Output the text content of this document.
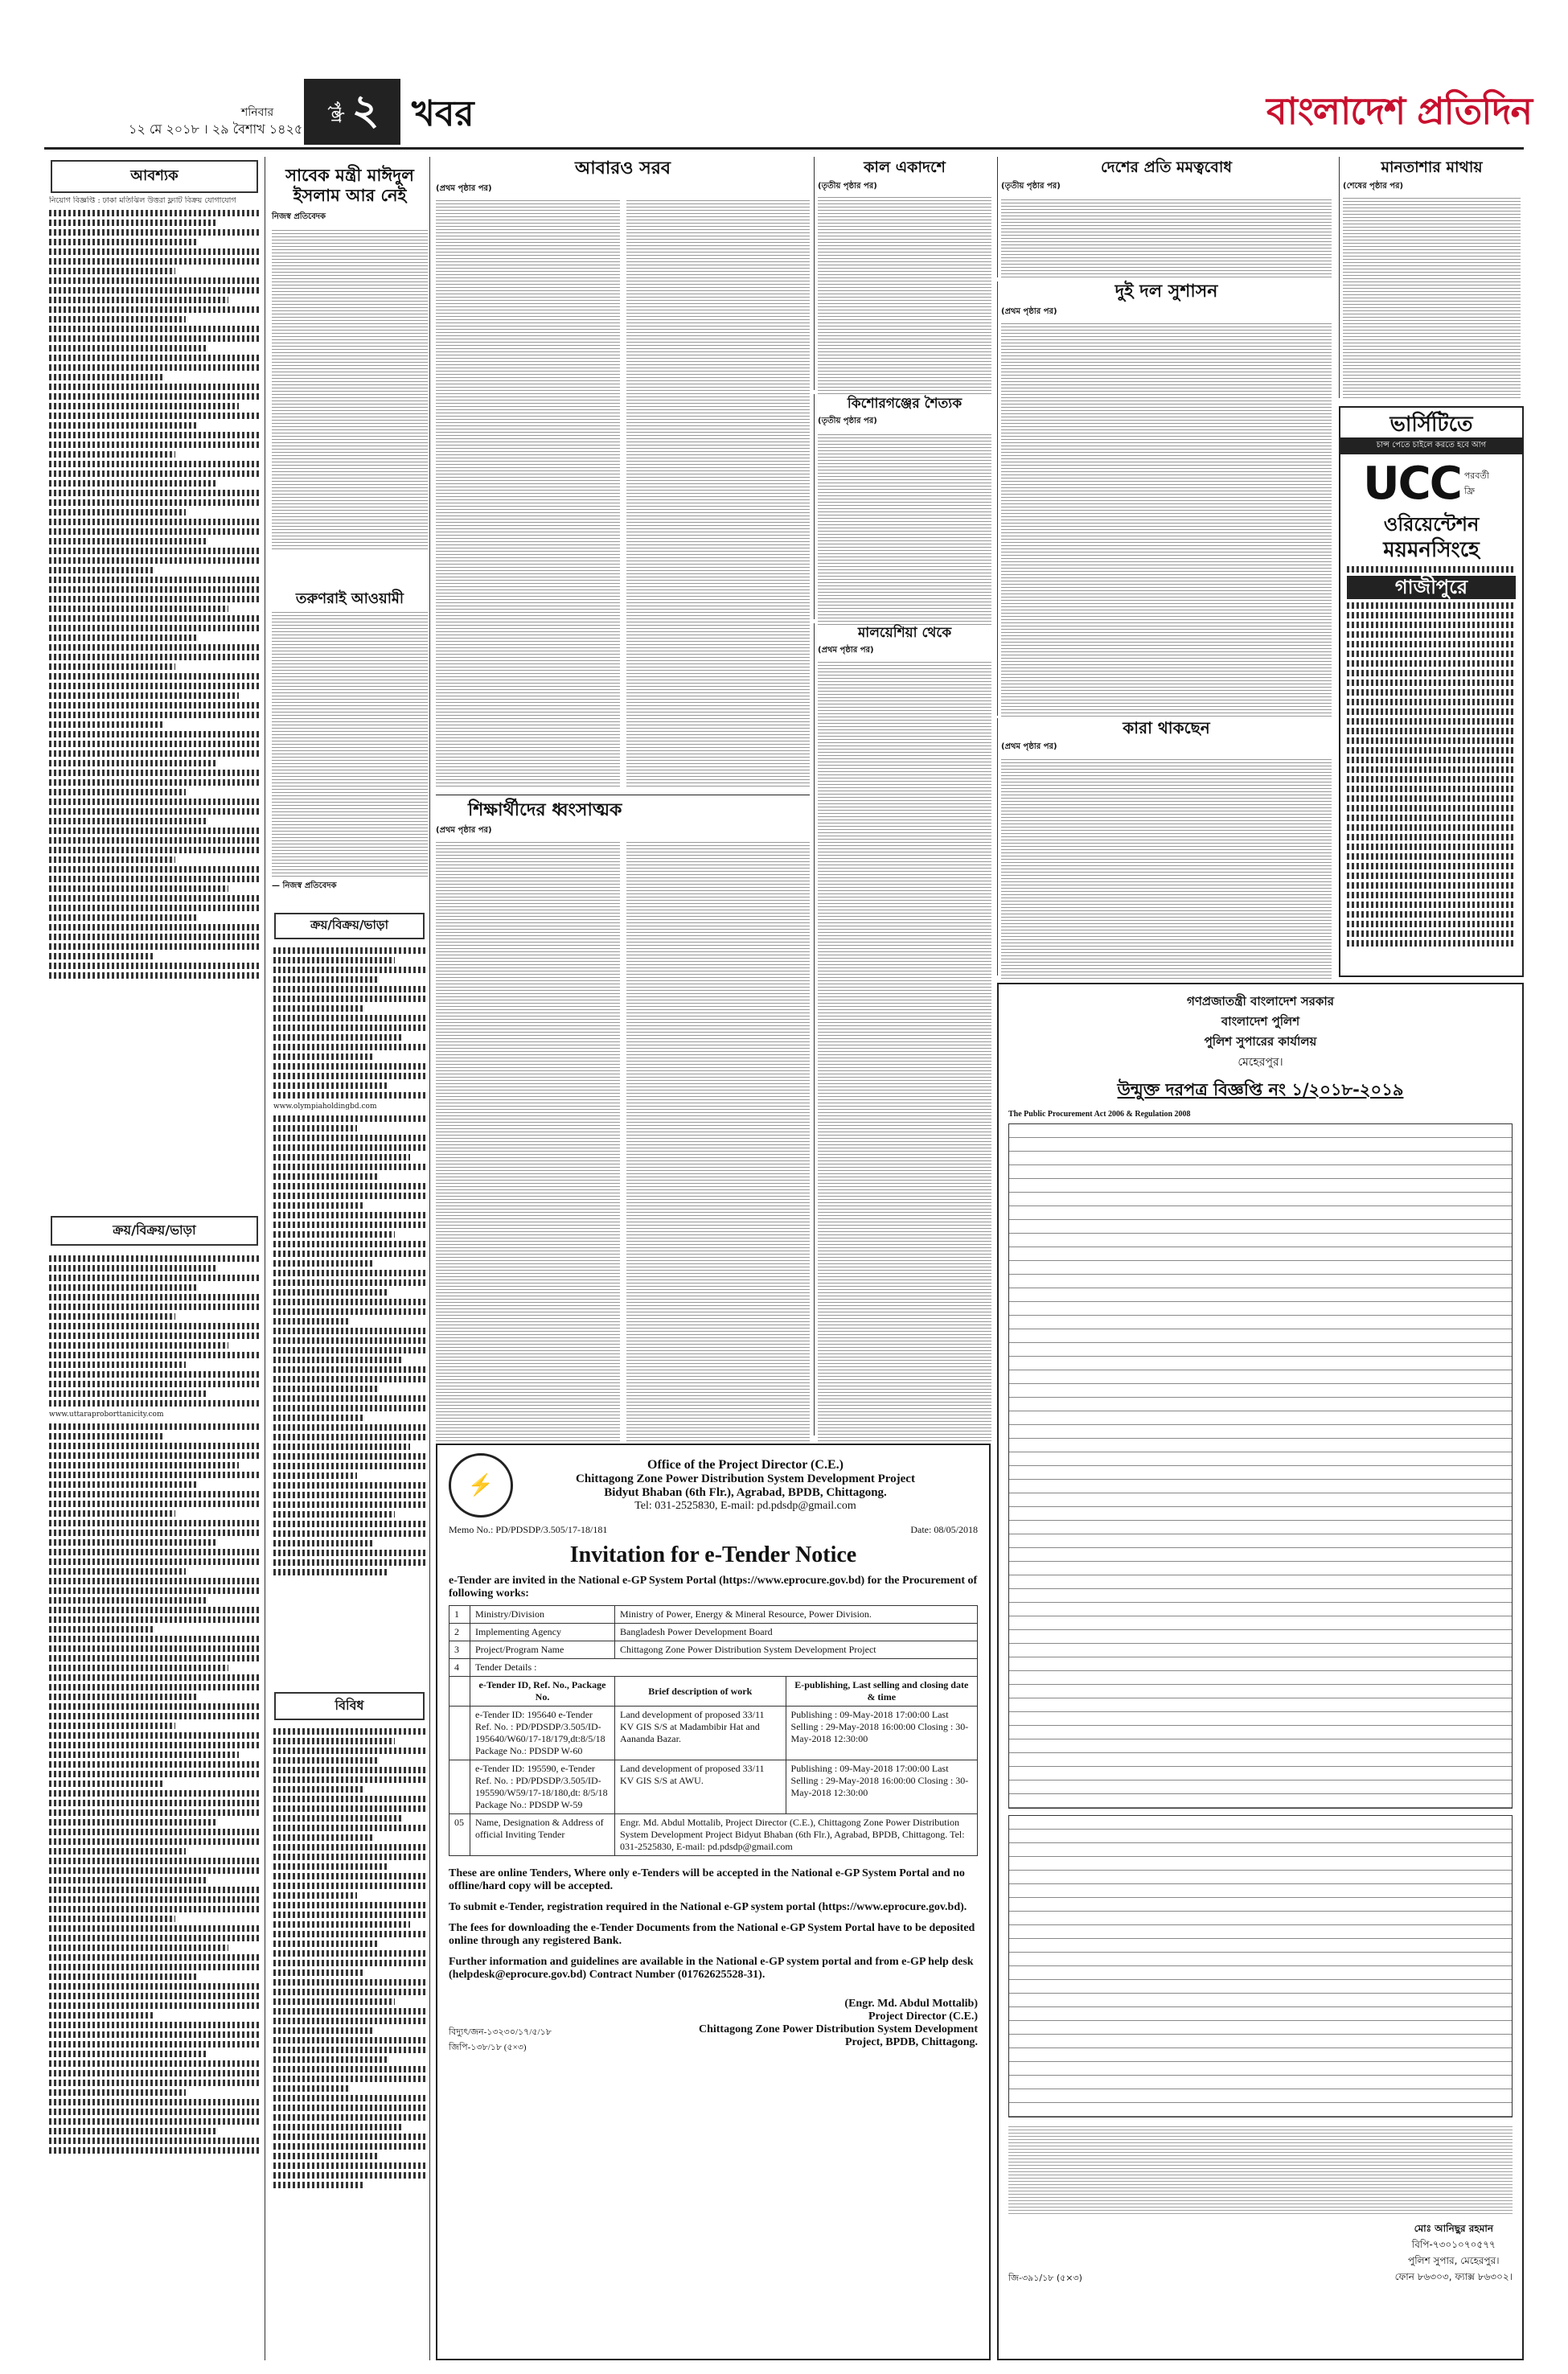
শনিবার
১২ মে ২০১৮ । ২৯ বৈশাখ ১৪২৫
পৃষ্ঠা ২ খবর	বাংলাদেশ প্রতিদিন
আবশ্যক
নিয়োগ বিজ্ঞপ্তি : ঢাকা মতিঝিল উত্তরা ফ্ল্যাট বিক্রয় যোগাযোগ
ক্রয়/বিক্রয়/ভাড়া
www.uttaraproborttanicity.com
ক্রয়/বিক্রয়/ভাড়া
www.olympiaholdingbd.com
বিবিধ
সাবেক মন্ত্রী মাঈদুল ইসলাম আর নেই
নিজস্ব প্রতিবেদক
তরুণরাই আওয়ামী
— নিজস্ব প্রতিবেদক
আবারও সরব
(প্রথম পৃষ্ঠার পর)
শিক্ষার্থীদের ধ্বংসাত্মক
(প্রথম পৃষ্ঠার পর)
কাল একাদশে
(তৃতীয় পৃষ্ঠার পর)
কিশোরগঞ্জের শৈত্যক
(তৃতীয় পৃষ্ঠার পর)
মালয়েশিয়া থেকে
(প্রথম পৃষ্ঠার পর)
দেশের প্রতি মমত্ববোধ
(তৃতীয় পৃষ্ঠার পর)
দুই দল সুশাসন
(প্রথম পৃষ্ঠার পর)
কারা থাকছেন
(প্রথম পৃষ্ঠার পর)
মানতাশার মাথায়
(শেষের পৃষ্ঠার পর)
ভার্সিটিতে
চান্স পেতে চাইলে করতে হবে আগ
UCC পরবর্তী ফ্রি
ওরিয়েন্টেশন
ময়মনসিংহে
গাজীপুরে
⚡
Office of the Project Director (C.E.)
Chittagong Zone Power Distribution System Development Project
Bidyut Bhaban (6th Flr.), Agrabad, BPDB, Chittagong.
Tel: 031-2525830, E-mail: pd.pdsdp@gmail.com
Memo No.: PD/PDSDP/3.505/17-18/181	Date: 08/05/2018
Invitation for e-Tender Notice
e-Tender are invited in the National e-GP System Portal (https://www.eprocure.gov.bd) for the Procurement of following works:
1	Ministry/Division	Ministry of Power, Energy & Mineral Resource, Power Division.	
2	Implementing Agency	Bangladesh Power Development Board	
3	Project/Program Name	Chittagong Zone Power Distribution System Development Project	
4	Tender Details :		
	e-Tender ID, Ref. No., Package No.	Brief description of work	E-publishing, Last selling and closing date & time
	e-Tender ID: 195640 e-Tender Ref. No. : PD/PDSDP/3.505/ID-195640/W60/17-18/179,dt:8/5/18 Package No.: PDSDP W-60	Land development of proposed 33/11 KV GIS S/S at Madambibir Hat and Aananda Bazar.	Publishing : 09-May-2018 17:00:00 Last Selling : 29-May-2018 16:00:00 Closing : 30-May-2018 12:30:00
	e-Tender ID: 195590, e-Tender Ref. No. : PD/PDSDP/3.505/ID-195590/W59/17-18/180,dt: 8/5/18 Package No.: PDSDP W-59	Land development of proposed 33/11 KV GIS S/S at AWU.	Publishing : 09-May-2018 17:00:00 Last Selling : 29-May-2018 16:00:00 Closing : 30-May-2018 12:30:00
05	Name, Designation & Address of official Inviting Tender	Engr. Md. Abdul Mottalib, Project Director (C.E.), Chittagong Zone Power Distribution System Development Project Bidyut Bhaban (6th Flr.), Agrabad, BPDB, Chittagong. Tel: 031-2525830, E-mail: pd.pdsdp@gmail.com	
These are online Tenders, Where only e-Tenders will be accepted in the National e-GP System Portal and no offline/hard copy will be accepted.
To submit e-Tender, registration required in the National e-GP system portal (https://www.eprocure.gov.bd).
The fees for downloading the e-Tender Documents from the National e-GP System Portal have to be deposited online through any registered Bank.
Further information and guidelines are available in the National e-GP system portal and from e-GP help desk (helpdesk@eprocure.gov.bd) Contract Number (01762625528-31).
(Engr. Md. Abdul Mottalib)
Project Director (C.E.)
Chittagong Zone Power Distribution System Development Project, BPDB, Chittagong.
বিদ্যুৎ/জন-১৩২৩০/১৭/৫/১৮
জিপি-১৩৮/১৮ (৫×৩)
গণপ্রজাতন্ত্রী বাংলাদেশ সরকার
বাংলাদেশ পুলিশ
পুলিশ সুপারের কার্যালয়
মেহেরপুর।
উন্মুক্ত দরপত্র বিজ্ঞপ্তি নং ১/২০১৮-২০১৯
The Public Procurement Act 2006 & Regulation 2008
জি-৩৯১/১৮ (৫×৩)
মোঃ আনিছুর রহমান
বিপি-৭৩০১০৭০৫৭৭
পুলিশ সুপার, মেহেরপুর।
ফোন ৮৬৩০৩, ফ্যাক্স ৮৬৩০২।
